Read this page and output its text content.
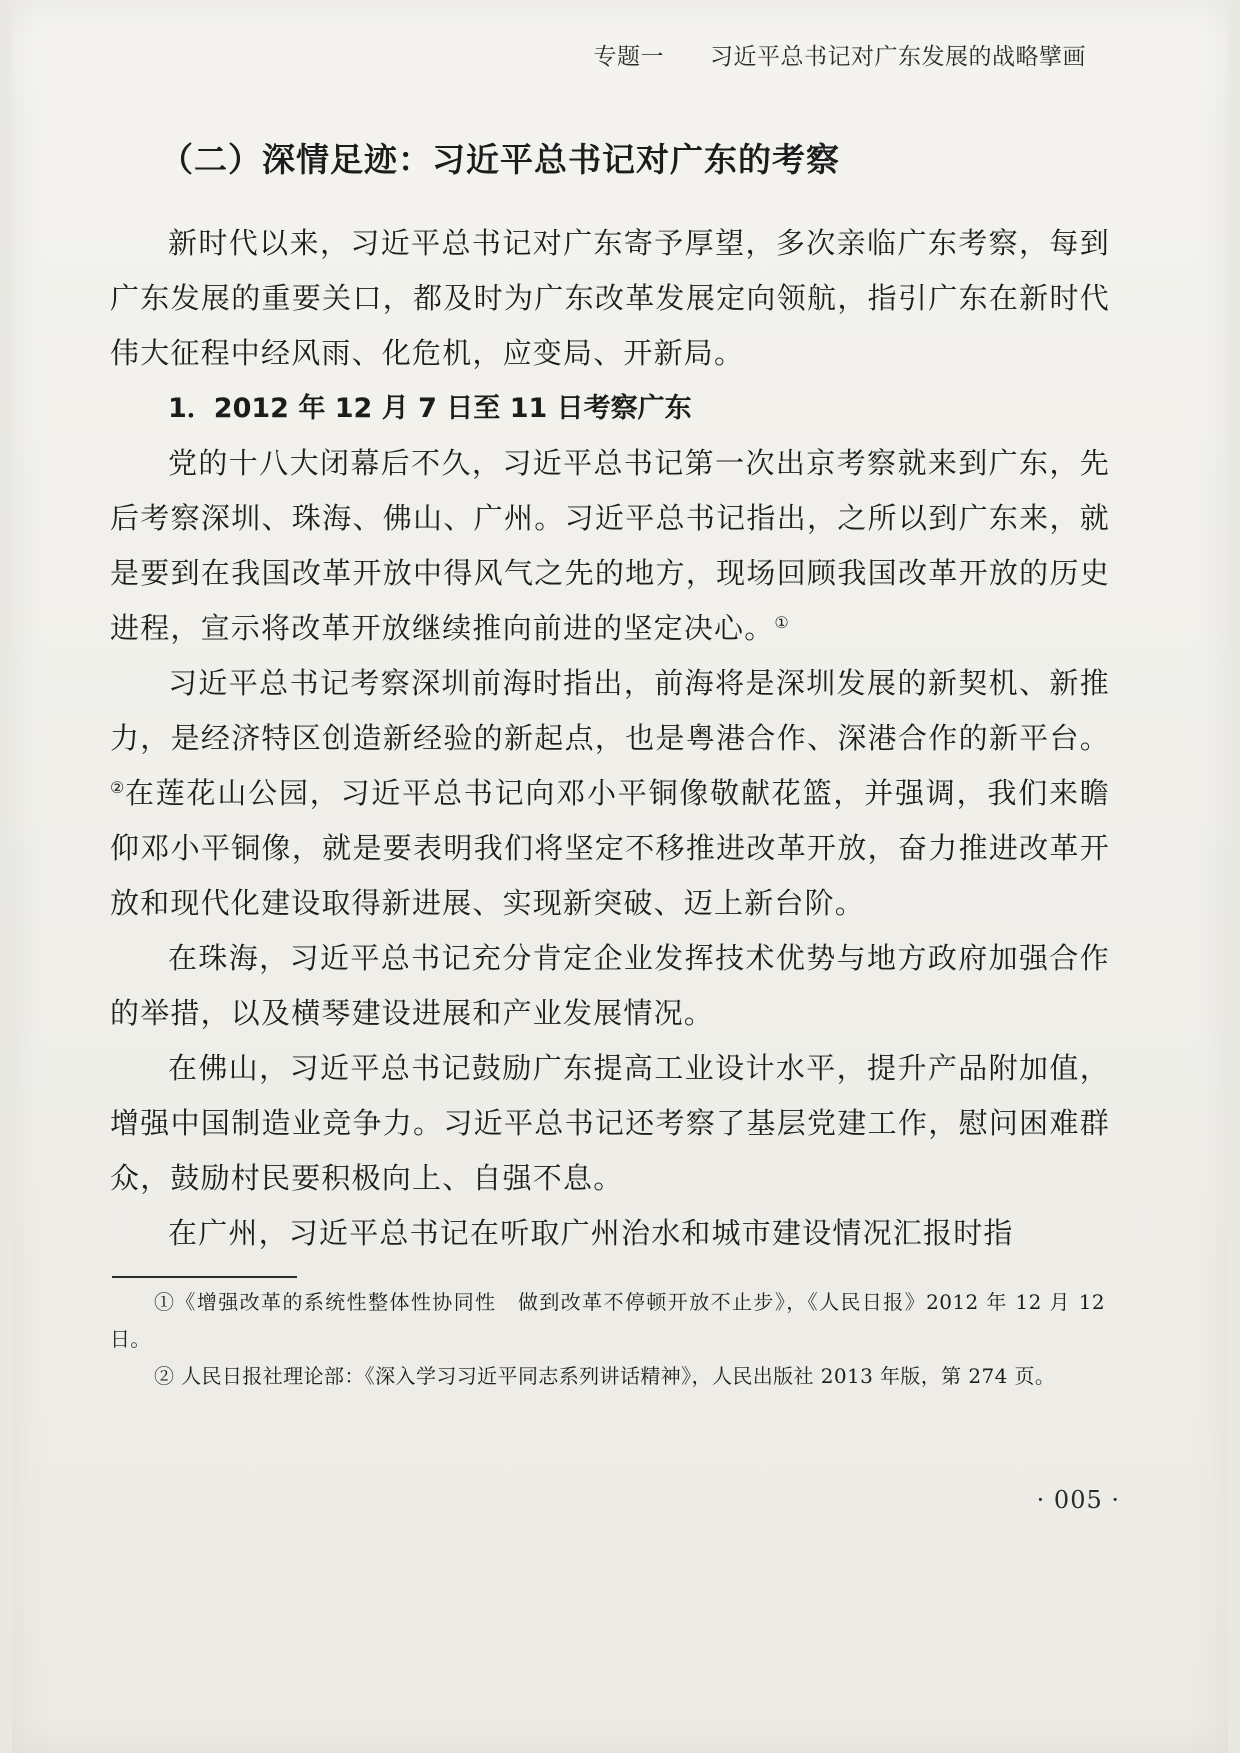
专题一 习近平总书记对广东发展的战略擘画
（二）深情足迹：习近平总书记对广东的考察

新时代以来，习近平总书记对广东寄予厚望，多次亲临广东考察，每到广东发展的重要关口，都及时为广东改革发展定向领航，指引广东在新时代伟大征程中经风雨、化危机，应变局、开新局。

1．2012 年 12 月 7 日至 11 日考察广东

党的十八大闭幕后不久，习近平总书记第一次出京考察就来到广东，先后考察深圳、珠海、佛山、广州。习近平总书记指出，之所以到广东来，就是要到在我国改革开放中得风气之先的地方，现场回顾我国改革开放的历史进程，宣示将改革开放继续推向前进的坚定决心。①

习近平总书记考察深圳前海时指出，前海将是深圳发展的新契机、新推力，是经济特区创造新经验的新起点，也是粤港合作、深港合作的新平台。②在莲花山公园，习近平总书记向邓小平铜像敬献花篮，并强调，我们来瞻仰邓小平铜像，就是要表明我们将坚定不移推进改革开放，奋力推进改革开放和现代化建设取得新进展、实现新突破、迈上新台阶。

在珠海，习近平总书记充分肯定企业发挥技术优势与地方政府加强合作的举措，以及横琴建设进展和产业发展情况。

在佛山，习近平总书记鼓励广东提高工业设计水平，提升产品附加值，增强中国制造业竞争力。习近平总书记还考察了基层党建工作，慰问困难群众，鼓励村民要积极向上、自强不息。

在广州，习近平总书记在听取广州治水和城市建设情况汇报时指

①《增强改革的系统性整体性协同性　做到改革不停顿开放不止步》，《人民日报》2012 年 12 月 12 日。

② 人民日报社理论部：《深入学习习近平同志系列讲话精神》，人民出版社 2013 年版，第 274 页。

· 005 ·
